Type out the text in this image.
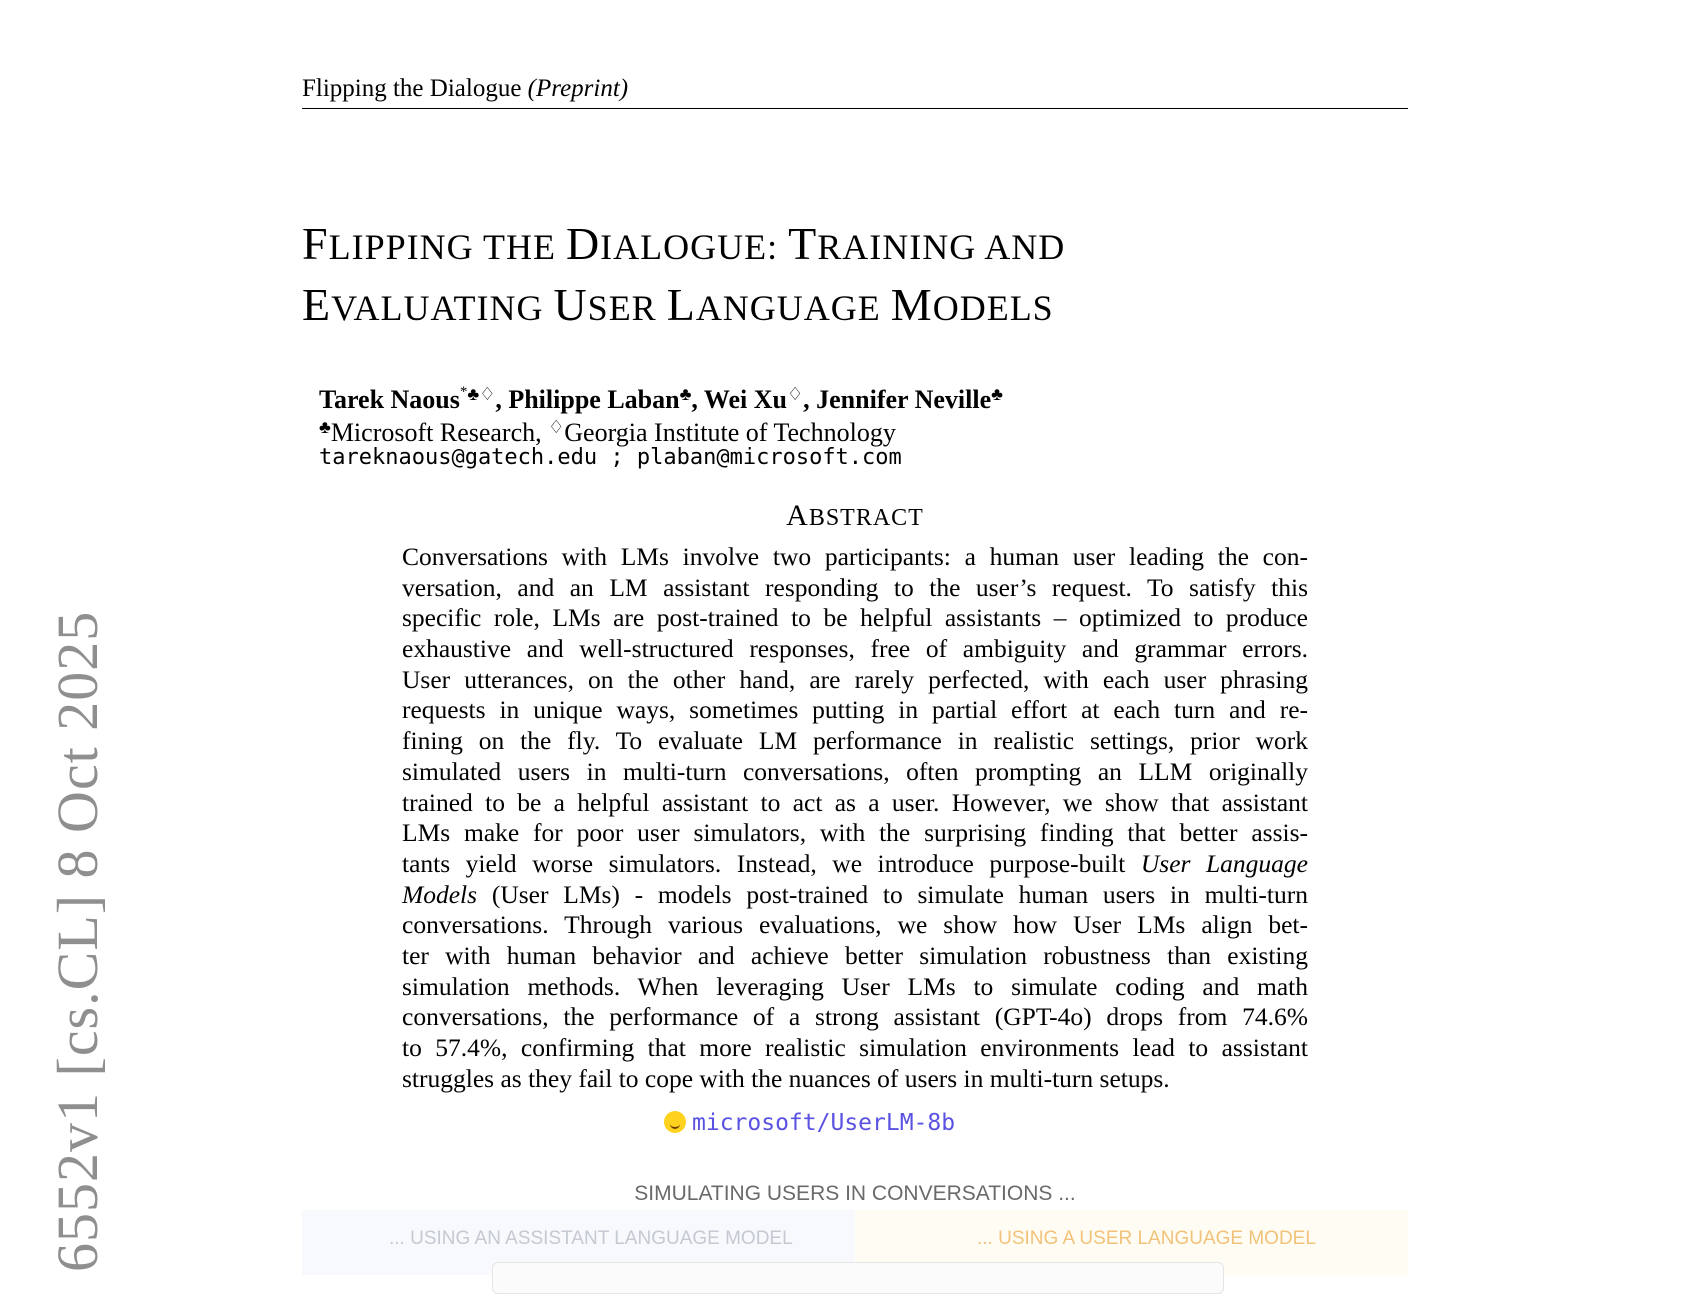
Flipping the Dialogue (Preprint)
FLIPPING THE DIALOGUE: TRAINING AND
EVALUATING USER LANGUAGE MODELS
Tarek Naous*♣♢, Philippe Laban♣, Wei Xu♢, Jennifer Neville♣
♣Microsoft Research, ♢Georgia Institute of Technology
tareknaous@gatech.edu ; plaban@microsoft.com
ABSTRACT
Conversations with LMs involve two participants: a human user leading the con-
versation, and an LM assistant responding to the user’s request. To satisfy this
specific role, LMs are post-trained to be helpful assistants – optimized to produce
exhaustive and well-structured responses, free of ambiguity and grammar errors.
User utterances, on the other hand, are rarely perfected, with each user phrasing
requests in unique ways, sometimes putting in partial effort at each turn and re-
fining on the fly. To evaluate LM performance in realistic settings, prior work
simulated users in multi-turn conversations, often prompting an LLM originally
trained to be a helpful assistant to act as a user. However, we show that assistant
LMs make for poor user simulators, with the surprising finding that better assis-
tants yield worse simulators. Instead, we introduce purpose-built User Language
Models (User LMs) - models post-trained to simulate human users in multi-turn
conversations. Through various evaluations, we show how User LMs align bet-
ter with human behavior and achieve better simulation robustness than existing
simulation methods. When leveraging User LMs to simulate coding and math
conversations, the performance of a strong assistant (GPT-4o) drops from 74.6%
to 57.4%, confirming that more realistic simulation environments lead to assistant
struggles as they fail to cope with the nuances of users in multi-turn setups.
microsoft/UserLM-8b
SIMULATING USERS IN CONVERSATIONS ...
... USING AN ASSISTANT LANGUAGE MODEL	... USING A USER LANGUAGE MODEL
6552v1 [cs.CL] 8 Oct 2025
